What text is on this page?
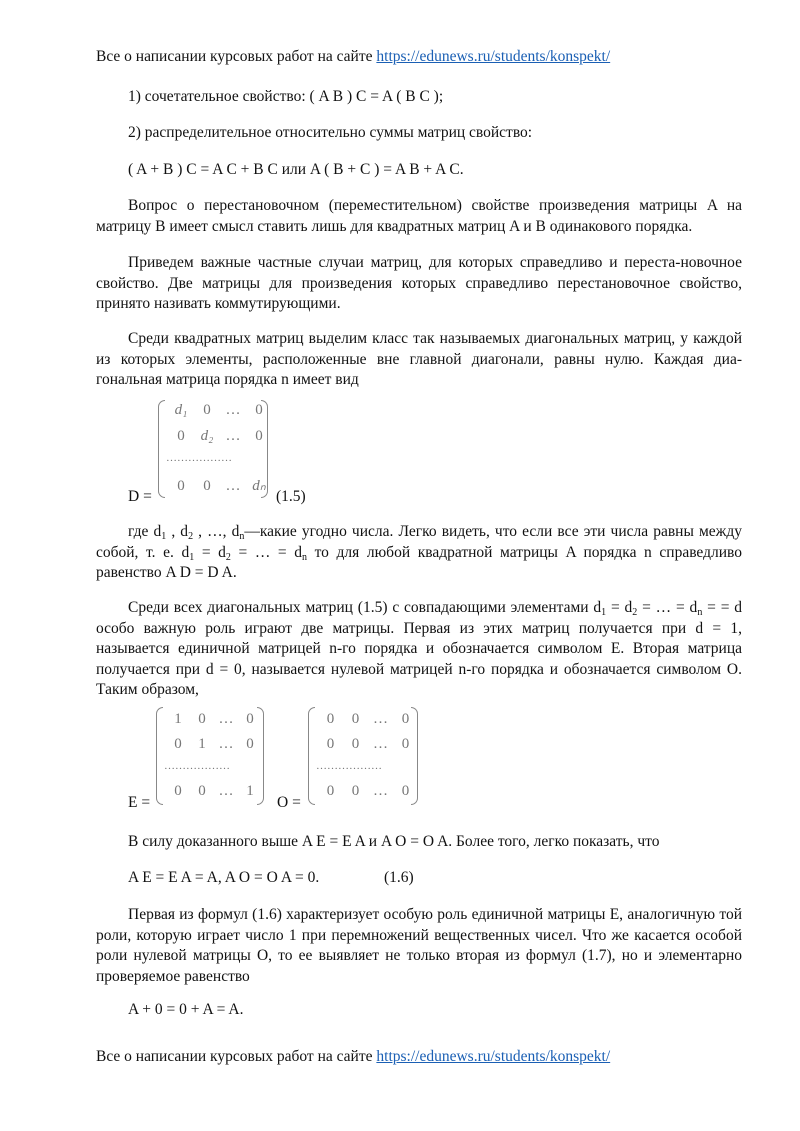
Все о написании курсовых работ на сайте https://edunews.ru/students/konspekt/
1) сочетательное свойство: ( A B ) C = A ( B C );
2) распределительное относительно суммы матриц свойство:
( A + B ) C = A C + B C или A ( B + C ) = A B + A C.
Вопрос о перестановочном (переместительном) свойстве произведения матрицы A на матрицу B имеет смысл ставить лишь для квадратных матриц A и B одинакового порядка.
Приведем важные частные случаи матриц, для которых справедливо и переста-новочное свойство. Две матрицы для произведения которых справедливо перестановочное свойство, принято називать коммутирующими.
Среди квадратных матриц выделим класс так называемых диагональных матриц, у каждой из которых элементы, расположенные вне главной диагонали, равны нулю. Каждая диа-гональная матрица порядка n имеет вид
D =
d₁ 0 … 0
0 d₂ … 0
………………
0 0 … dₙ
(1.5)
где $d_1$ , $d_2$ , …, $d_n—какие$ угодно числа. Легко видеть, что если все эти числа равны между собой, т. е. $d_1 = d_2$ = … = $d_n$ то для любой квадратной матрицы A порядка n справедливо равенство A D = D A.
Среди всех диагональных матриц (1.5) с совпадающими элементами $d_1 = d_2$ = … = $d_n$ = = d особо важную роль играют две матрицы. Первая из этих матриц получается при d = 1, называется единичной матрицей n-го порядка и обозначается символом E. Вторая матрица получается при d = 0, называется нулевой матрицей n-го порядка и обозначается символом O. Таким образом,
E =
1 0 … 0
0 1 … 0
………………
0 0 … 1
O =
0 0 … 0
0 0 … 0
………………
0 0 … 0
В силу доказанного выше A E = E A и A O = O A. Более того, легко показать, что
A E = E A = A, A O = O A = 0.	(1.6)
Первая из формул (1.6) характеризует особую роль единичной матрицы E, аналогичную той роли, которую играет число 1 при перемножений вещественных чисел. Что же касается особой роли нулевой матрицы O, то ее выявляет не только вторая из формул (1.7), но и элементарно проверяемое равенство
A + 0 = 0 + A = A.
Все о написании курсовых работ на сайте https://edunews.ru/students/konspekt/
